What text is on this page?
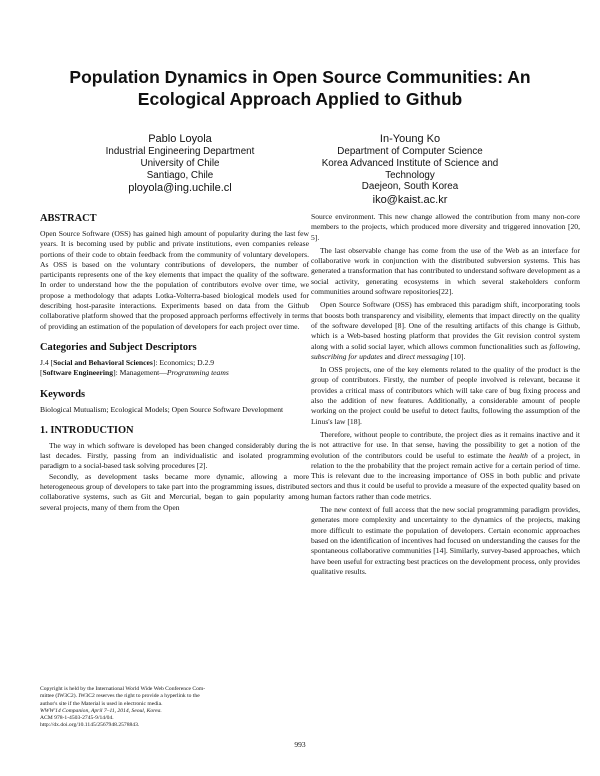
Population Dynamics in Open Source Communities: An Ecological Approach Applied to Github
Pablo Loyola
Industrial Engineering Department
University of Chile
Santiago, Chile
ployola@ing.uchile.cl
In-Young Ko
Department of Computer Science
Korea Advanced Institute of Science and
Technology
Daejeon, South Korea
iko@kaist.ac.kr
ABSTRACT

Open Source Software (OSS) has gained high amount of popularity during the last few years. It is becoming used by public and private institutions, even companies release portions of their code to obtain feedback from the community of voluntary developers. As OSS is based on the voluntary contributions of developers, the number of participants represents one of the key elements that impact the quality of the software. In order to understand how the the population of contributors evolve over time, we propose a methodology that adapts Lotka-Volterra-based biological models used for describing host-parasite interactions. Experiments based on data from the Github collaborative platform showed that the proposed approach performs effectively in terms of providing an estimation of the population of developers for each project over time.

Categories and Subject Descriptors

J.4 [Social and Behavioral Sciences]: Economics; D.2.9
[Software Engineering]: Management—Programming teams

Keywords

Biological Mutualism; Ecological Models; Open Source Software Development

1. INTRODUCTION

The way in which software is developed has been changed considerably during the last decades. Firstly, passing from an individualistic and isolated programming paradigm to a social-based task solving procedures [2].

Secondly, as development tasks became more dynamic, allowing a more heterogeneous group of developers to take part into the programming issues, distributed collaborative systems, such as Git and Mercurial, began to gain popularity among several projects, many of them from the Open

Source environment. This new change allowed the contribution from many non-core members to the projects, which produced more diversity and triggered innovation [20, 5].

The last observable change has come from the use of the Web as an interface for collaborative work in conjunction with the distributed subversion systems. This has generated a transformation that has contributed to understand software development as a social activity, generating ecosystems in which several stakeholders conform communities around software repositories[22].

Open Source Software (OSS) has embraced this paradigm shift, incorporating tools that boosts both transparency and visibility, elements that impact directly on the quality of the software developed [8]. One of the resulting artifacts of this change is Github, which is a Web-based hosting platform that provides the Git revision control system along with a solid social layer, which allows common functionalities such as following, subscribing for updates and direct messaging [10].

In OSS projects, one of the key elements related to the quality of the product is the group of contributors. Firstly, the number of people involved is relevant, because it provides a critical mass of contributors which will take care of bug fixing process and also the addition of new features. Additionally, a considerable amount of people working on the project could be useful to detect faults, following the assumption of the Linus's law [18].

Therefore, without people to contribute, the project dies as it remains inactive and it is not attractive for use. In that sense, having the possibility to get a notion of the evolution of the contributors could be useful to estimate the health of a project, in relation to the the probability that the project remain active for a certain period of time. This is relevant due to the increasing importance of OSS in both public and private sectors and thus it could be useful to provide a measure of the expected quality based on human factors rather than code metrics.

The new context of full access that the new social programming paradigm provides, generates more complexity and uncertainty to the dynamics of the projects, making more difficult to estimate the population of developers. Certain economic approaches based on the identification of incentives had focused on understanding the causes for the spontaneous collaborative communities [14]. Similarly, survey-based approaches, which have been useful for extracting best practices on the development process, only provides qualitative results.

Copyright is held by the International World Wide Web Conference Com-
mittee (IW3C2). IW3C2 reserves the right to provide a hyperlink to the
author's site if the Material is used in electronic media.
WWW'14 Companion, April 7–11, 2014, Seoul, Korea.
ACM 978-1-4503-2745-9/14/04.
http://dx.doi.org/10.1145/2567948.2578843.
993
